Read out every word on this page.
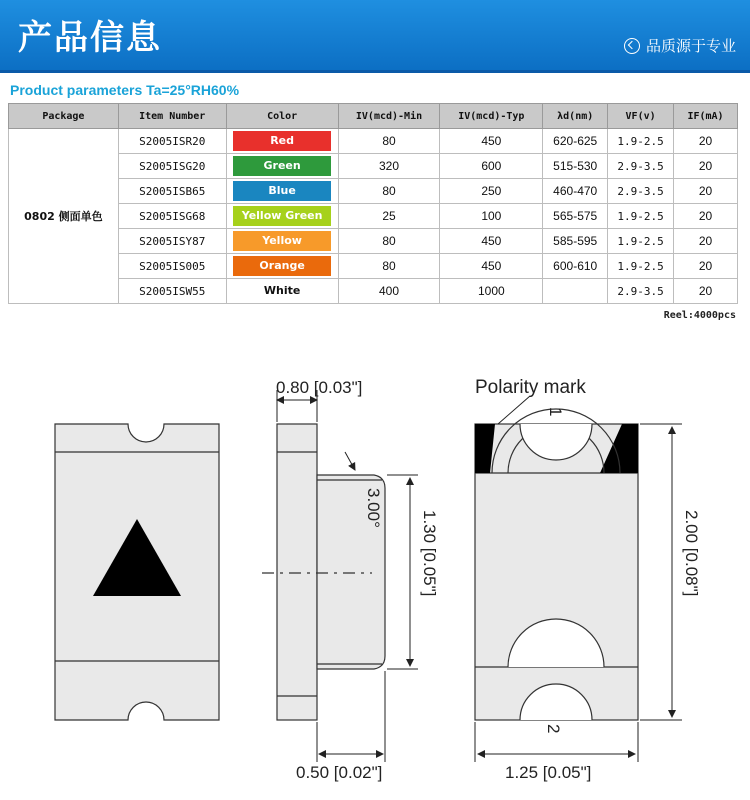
产品信息	品质源于专业
Product parameters Ta=25°RH60%
Package	Item Number	Color	IV(mcd)-Min	IV(mcd)-Typ	λd(nm)	VF(v)	IF(mA)
0802 侧面单色	S2005ISR20	Red	80	450	620-625	1.9-2.5	20
	S2005ISG20	Green	320	600	515-530	2.9-3.5	20
	S2005ISB65	Blue	80	250	460-470	2.9-3.5	20
	S2005ISG68	Yellow Green	25	100	565-575	1.9-2.5	20
	S2005ISY87	Yellow	80	450	585-595	1.9-2.5	20
	S2005IS005	Orange	80	450	600-610	1.9-2.5	20
	S2005ISW55	White	400	1000		2.9-3.5	20
Reel:4000pcs
0.80 [0.03"]
3.00°
1.30 [0.05"]
0.50 [0.02"]
Polarity mark
1
2
2.00 [0.08"]
1.25 [0.05"]
